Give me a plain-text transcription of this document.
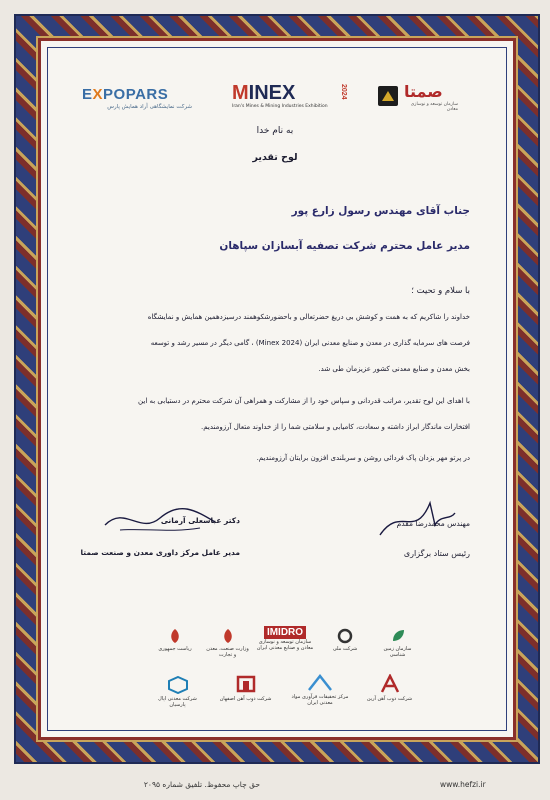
EXPOPARS
شرکت نمایشگاهی آراد همایش پارس
MINEX	2024
Iran's Mines & Mining Industries Exhibition
صمتا
سازمان توسعه و نوسازی معادن
به نام خدا
لوح تقدیر
جناب آقای مهندس رسول زارع پور
مدیر عامل محترم شرکت تصفیه آبسازان سپاهان
با سلام و تحیت ؛
خداوند را شاکریم که به همت و کوشش بی دریغ حضرتعالی و باحضورشکوهمند درسیزدهمین همایش و نمایشگاه
فرصت های سرمایه گذاری در معدن و صنایع معدنی ایران (Minex 2024) ، گامی دیگر در مسیر رشد و توسعه
بخش معدن و صنایع معدنی کشور عزیزمان طی شد.
با اهدای این لوح تقدیر، مراتب قدردانی و سپاس خود را از مشارکت و همراهی آن شرکت محترم در دستیابی به این
افتخارات ماندگار ابراز داشته و سعادت، کامیابی و سلامتی شما را از خداوند متعال آرزومندیم.
در پرتو مهر یزدان پاک فردائی روشن و سربلندی افزون برایتان آرزومندیم.
دکتر عباسعلی آرمانی
مدیر عامل مرکز داوری معدن و صنعت صمتا
مهندس محمدرضا مقدم
رئیس ستاد برگزاری
ریاست جمهوری	وزارت صنعت، معدن و تجارت
IMIDRO
سازمان توسعه و نوسازی معادن و صنایع معدنی ایران	شرکت ملی	سازمان زمین شناسی
شرکت معدنی اپال پارسیان
شرکت ذوب آهن اصفهان	مرکز تحقیقات فرآوری مواد معدنی ایران
شرکت ذوب آهن آرین
حق چاپ محفوظ. تلفیق شماره ۲۰۹۵	www.hefzi.ir
